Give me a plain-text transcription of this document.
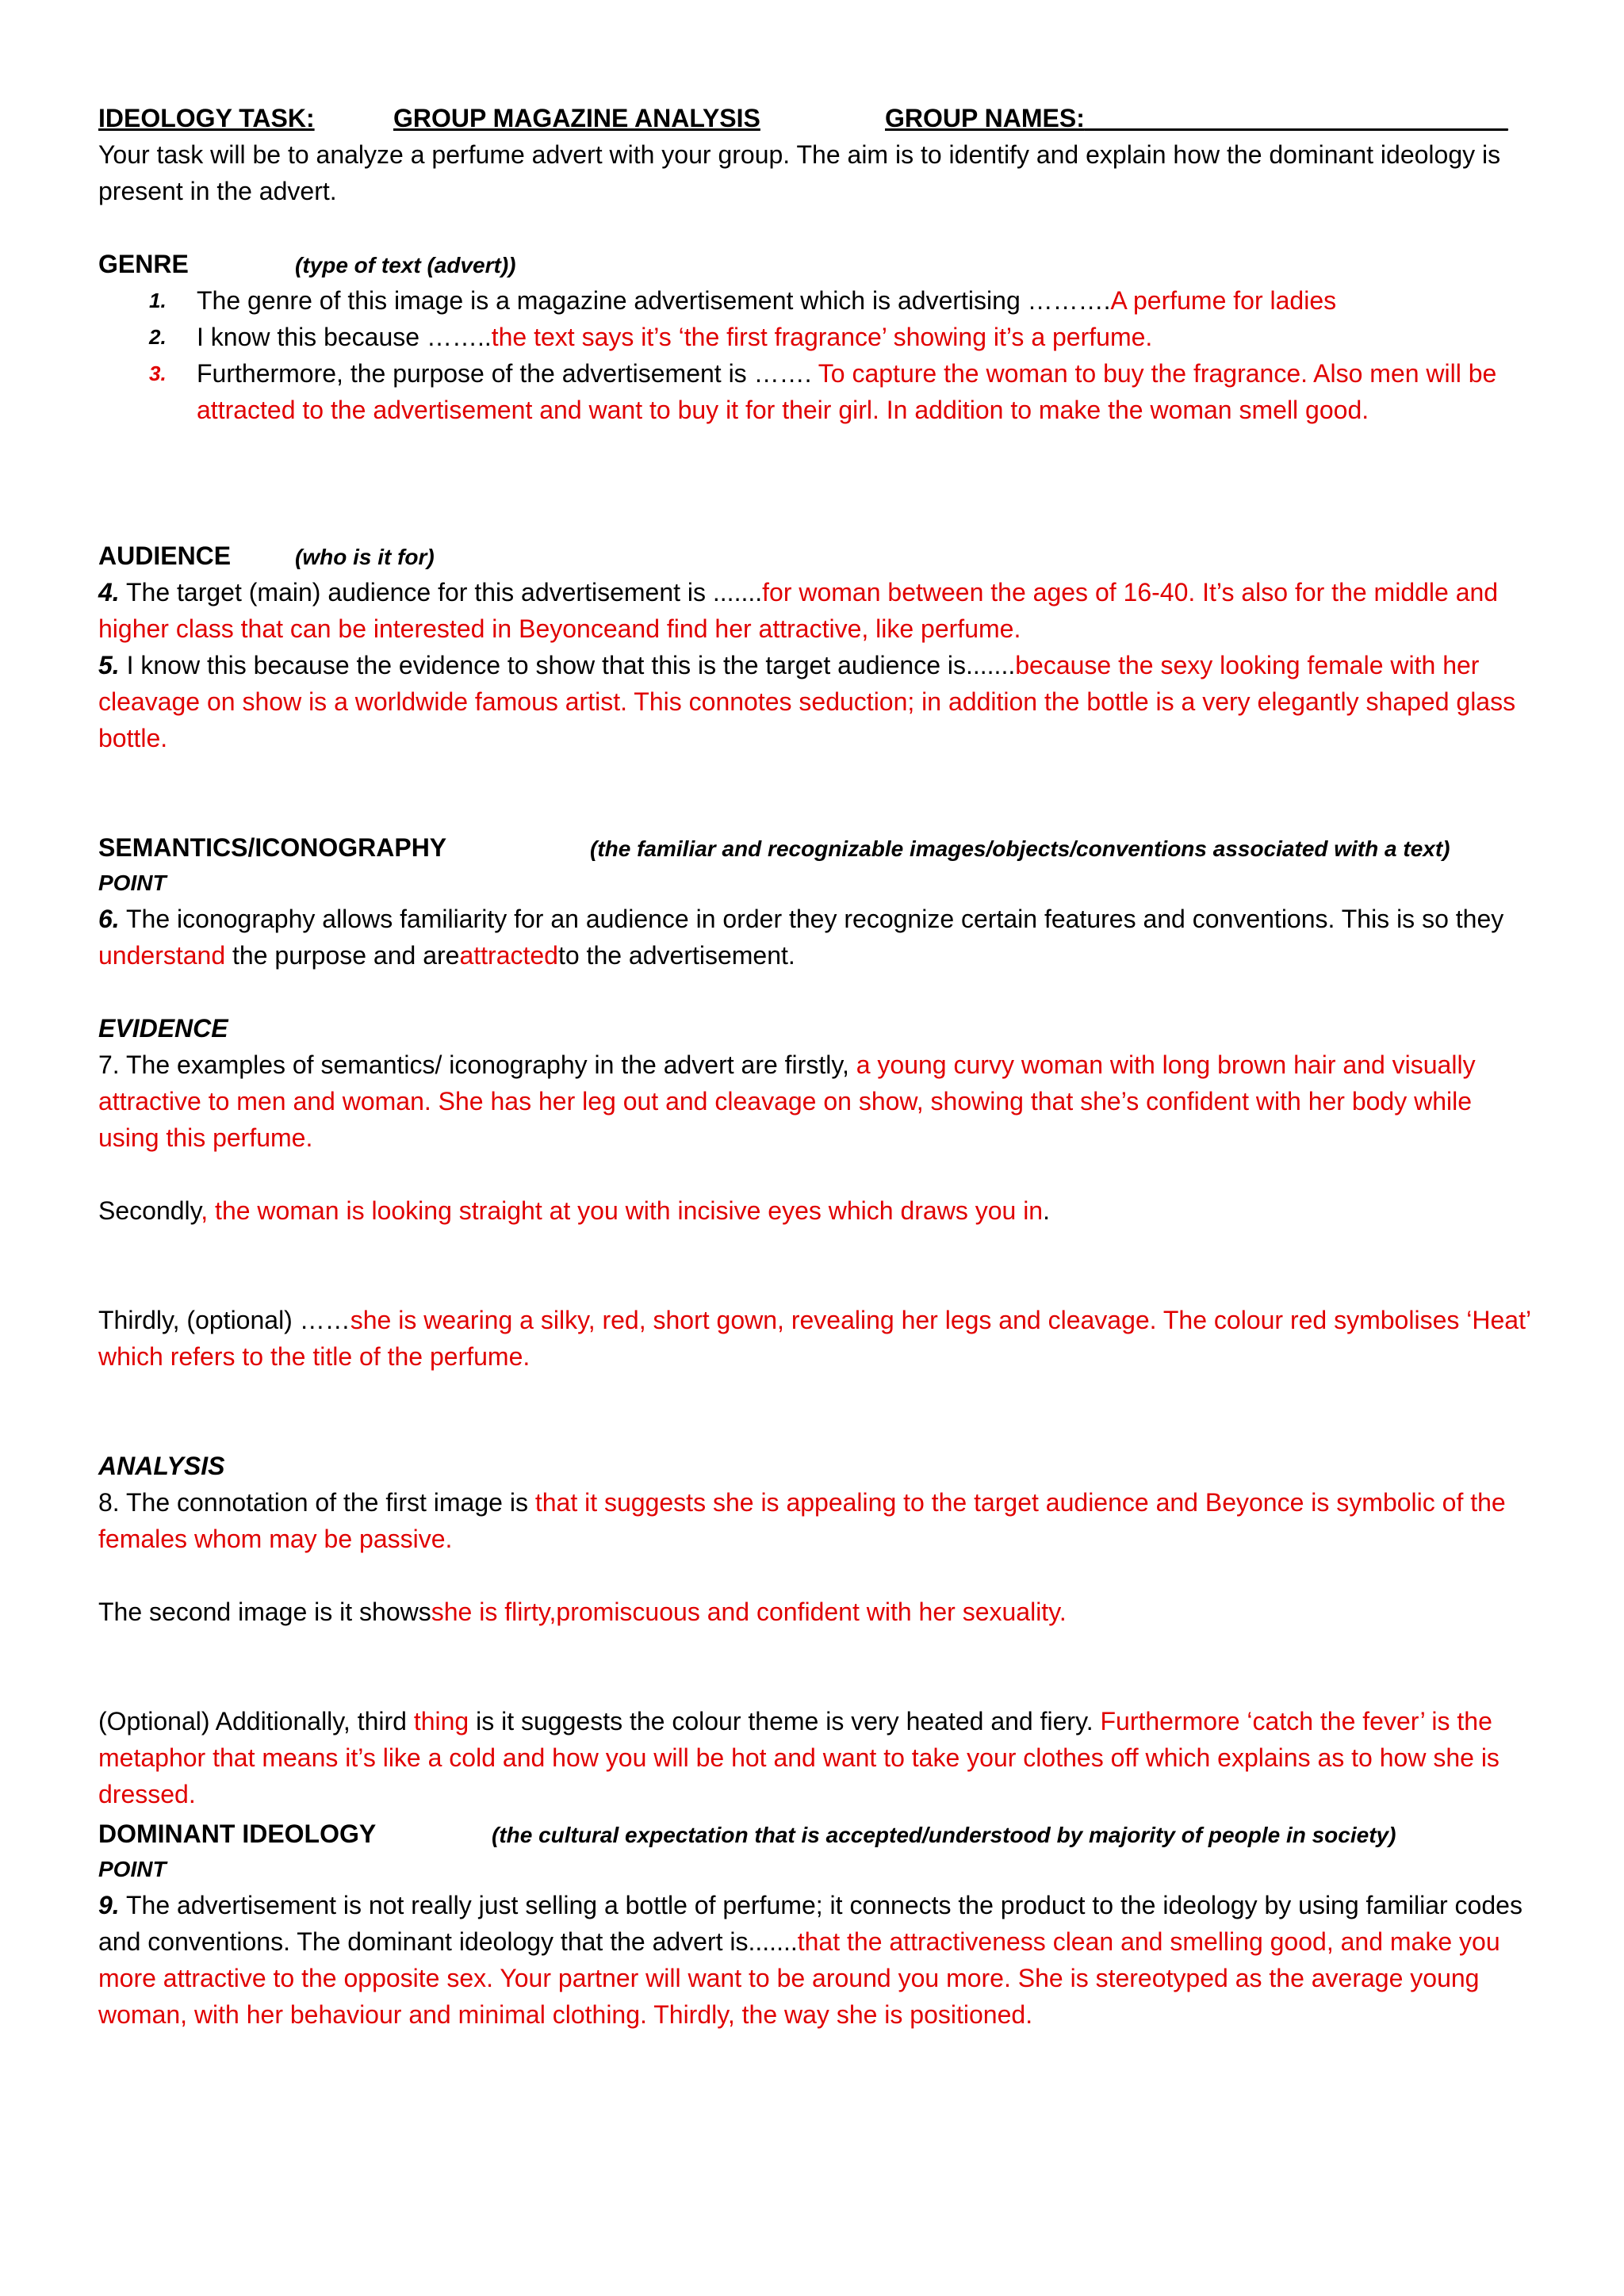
IDEOLOGY TASK:	GROUP MAGAZINE ANALYSIS	GROUP NAMES:______________________________
Your task will be to analyze a perfume advert with your group. The aim is to identify and explain how the dominant ideology is present in the advert.
GENRE	(type of text (advert))
1. The genre of this image is a magazine advertisement which is advertising ……….A perfume for ladies
2. I know this because ……..the text says it’s ‘the first fragrance’ showing it’s a perfume.
3. Furthermore, the purpose of the advertisement is ……. To capture the woman to buy the fragrance. Also men will be attracted to the advertisement and want to buy it for their girl. In addition to make the woman smell good.
AUDIENCE	(who is it for)
4. The target (main) audience for this advertisement is .......for woman between the ages of 16-40. It’s also for the middle and higher class that can be interested in Beyonceand find her attractive, like perfume.
5. I know this because the evidence to show that this is the target audience is.......because the sexy looking female with her cleavage on show is a worldwide famous artist. This connotes seduction; in addition the bottle is a very elegantly shaped glass bottle.
SEMANTICS/ICONOGRAPHY	(the familiar and recognizable images/objects/conventions associated with a text)
POINT
6. The iconography allows familiarity for an audience in order they recognize certain features and conventions. This is so they understand the purpose and areattractedto the advertisement.
EVIDENCE
7. The examples of semantics/ iconography in the advert are firstly, a young curvy woman with long brown hair and visually attractive to men and woman. She has her leg out and cleavage on show, showing that she’s confident with her body while using this perfume.
Secondly, the woman is looking straight at you with incisive eyes which draws you in.
Thirdly, (optional) ……she is wearing a silky, red, short gown, revealing her legs and cleavage. The colour red symbolises ‘Heat’ which refers to the title of the perfume.
ANALYSIS
8. The connotation of the first image is that it suggests she is appealing to the target audience and Beyonce is symbolic of the females whom may be passive.
The second image is it showsshe is flirty,promiscuous and confident with her sexuality.
(Optional) Additionally, third thing is it suggests the colour theme is very heated and fiery. Furthermore ‘catch the fever’ is the metaphor that means it’s like a cold and how you will be hot and want to take your clothes off which explains as to how she is dressed.
DOMINANT IDEOLOGY	(the cultural expectation that is accepted/understood by majority of people in society)
POINT
9. The advertisement is not really just selling a bottle of perfume; it connects the product to the ideology by using familiar codes and conventions. The dominant ideology that the advert is.......that the attractiveness clean and smelling good, and make you more attractive to the opposite sex. Your partner will want to be around you more. She is stereotyped as the average young woman, with her behaviour and minimal clothing. Thirdly, the way she is positioned.
